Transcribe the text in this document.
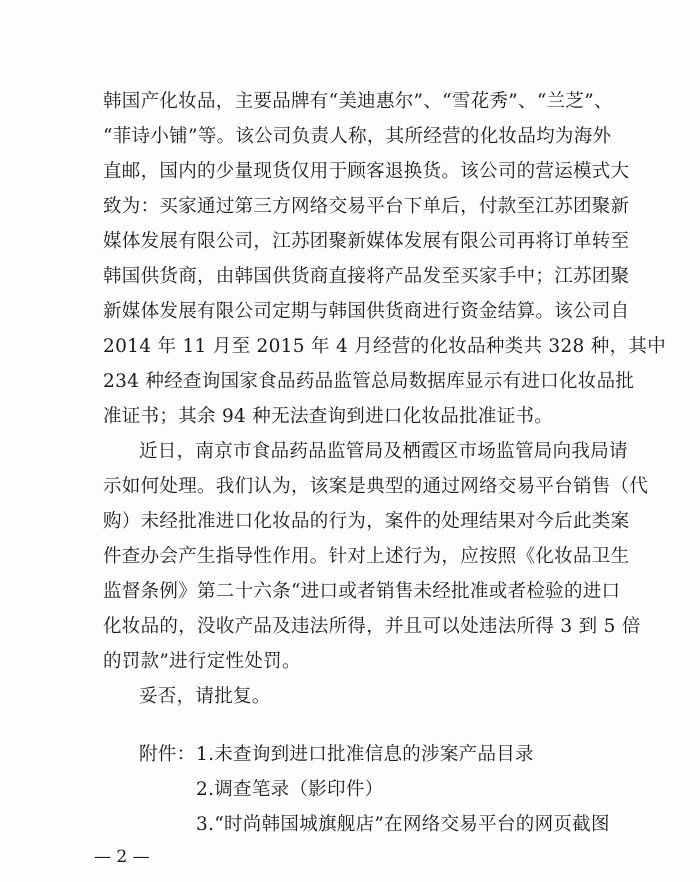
韩国产化妆品，主要品牌有“美迪惠尔”、“雪花秀”、“兰芝”、
“菲诗小铺”等。该公司负责人称，其所经营的化妆品均为海外
直邮，国内的少量现货仅用于顾客退换货。该公司的营运模式大
致为：买家通过第三方网络交易平台下单后，付款至江苏团聚新
媒体发展有限公司，江苏团聚新媒体发展有限公司再将订单转至
韩国供货商，由韩国供货商直接将产品发至买家手中；江苏团聚
新媒体发展有限公司定期与韩国供货商进行资金结算。该公司自
2014 年 11 月至 2015 年 4 月经营的化妆品种类共 328 种，其中
234 种经查询国家食品药品监管总局数据库显示有进口化妆品批
准证书；其余 94 种无法查询到进口化妆品批准证书。
近日，南京市食品药品监管局及栖霞区市场监管局向我局请
示如何处理。我们认为，该案是典型的通过网络交易平台销售（代
购）未经批准进口化妆品的行为，案件的处理结果对今后此类案
件查办会产生指导性作用。针对上述行为，应按照《化妆品卫生
监督条例》第二十六条“进口或者销售未经批准或者检验的进口
化妆品的，没收产品及违法所得，并且可以处违法所得 3 到 5 倍
的罚款”进行定性处罚。
妥否，请批复。
附件： 1.未查询到进口批准信息的涉案产品目录
2.调查笔录（影印件）
3.“时尚韩国城旗舰店”在网络交易平台的网页截图
— 2 —
